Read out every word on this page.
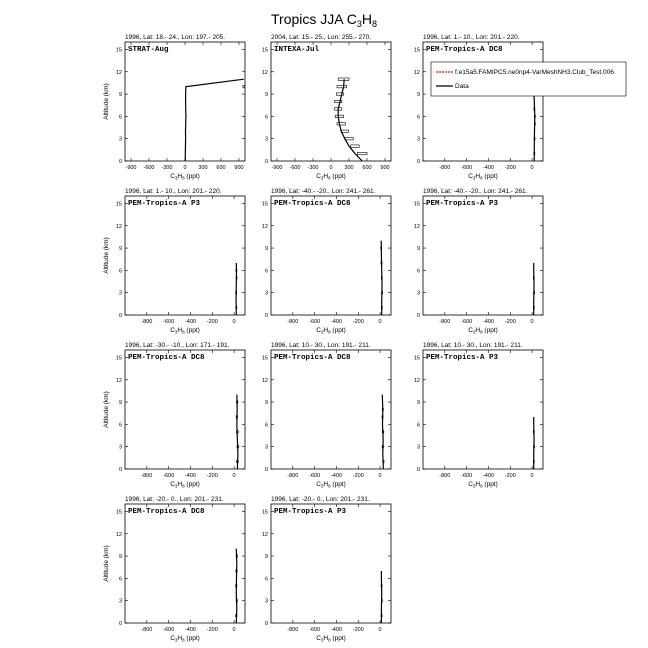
Tropics JJA $C_3H_8$
1996, Lat: 18.- 24., Lon: 197.- 205.
STRAT-Aug
-900 -600 -300 0 300 600 900
0
3
6
9
12
15
$C_3H_8$ (ppt)
Altitude (km)
2004, Lat: 15.- 25., Lon: 255.- 270.
INTEXA-Jul
-900 -600 -300 0 300 600 900
0
3
6
9
12
15
$C_3H_8$ (ppt)
1996, Lat: 1.- 10., Lon: 201.- 220.
PEM-Tropics-A DC8
-800 -600 -400 -200	0
0
3
6
9
12
15
$C_3H_8$ (ppt)
1996, Lat: 1.- 10., Lon: 201.- 220.
PEM-Tropics-A P3
-800 -600 -400 -200	0
0
3
6
9
12
15
$C_3H_8$ (ppt)
Altitude (km)
1996, Lat: -40.- -20., Lon: 241.- 261.
PEM-Tropics-A DC8
-800 -600 -400 -200	0
0
3
6
9
12
15
$C_3H_8$ (ppt)
1996, Lat: -40.- -20., Lon: 241.- 261.
PEM-Tropics-A P3
-800 -600 -400 -200	0
0
3
6
9
12
15
$C_3H_8$ (ppt)
1996, Lat: -30.- -10., Lon: 171.- 191.
PEM-Tropics-A DC8
-800 -600 -400 -200	0
0
3
6
9
12
15
$C_3H_8$ (ppt)
Altitude (km)
1996, Lat: 10.- 30., Lon: 191.- 211.
PEM-Tropics-A DC8
-800 -600 -400 -200	0
0
3
6
9
12
15
$C_3H_8$ (ppt)
1996, Lat: 10.- 30., Lon: 191.- 211.
PEM-Tropics-A P3
-800 -600 -400 -200	0
0
3
6
9
12
15
$C_3H_8$ (ppt)
1996, Lat: -20.- 0., Lon: 201.- 231.
PEM-Tropics-A DC8
-800 -600 -400 -200	0
0
3
6
9
12
15
$C_3H_8$ (ppt)
Altitude (km)
1996, Lat: -20.- 0., Lon: 201.- 231.
PEM-Tropics-A P3
-800 -600 -400 -200	0
0
3
6
9
12
15
$C_3H_8$ (ppt)
f.e15a5.FAMIPC5.ne0np4-VarMeshNH3.Club_Test.006
Data
